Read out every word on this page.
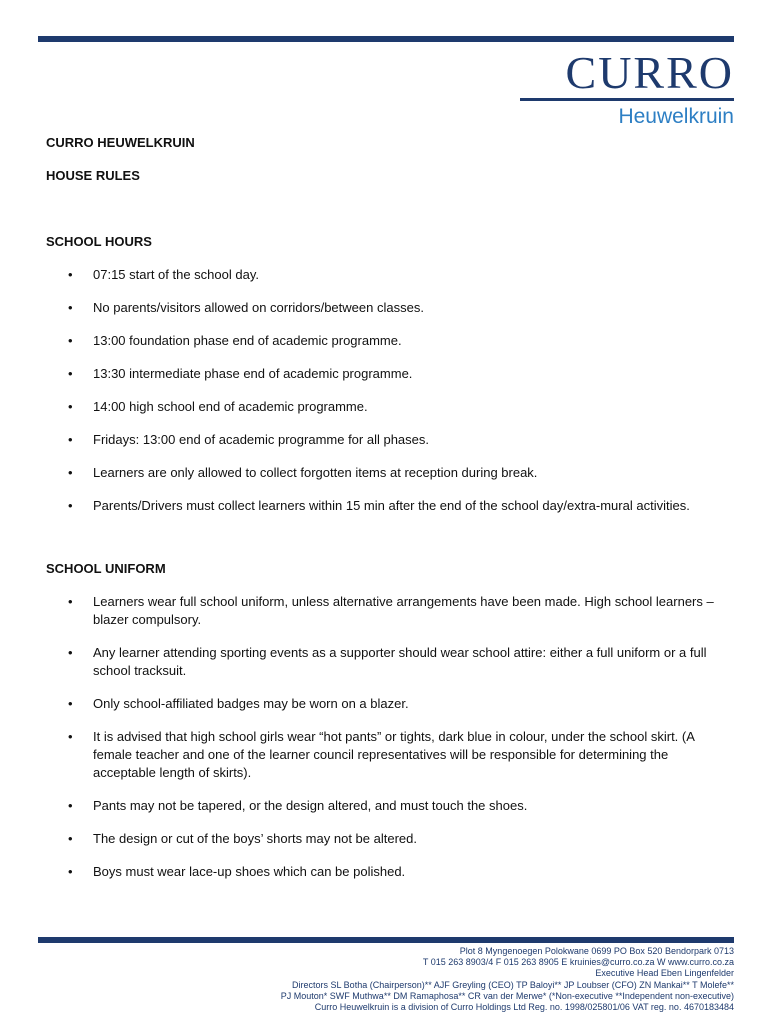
CURRO
Heuwelkruin

CURRO HEUWELKRUIN

HOUSE RULES

SCHOOL HOURS

• 07:15 start of the school day.
• No parents/visitors allowed on corridors/between classes.
• 13:00 foundation phase end of academic programme.
• 13:30 intermediate phase end of academic programme.
• 14:00 high school end of academic programme.
• Fridays: 13:00 end of academic programme for all phases.
• Learners are only allowed to collect forgotten items at reception during break.
• Parents/Drivers must collect learners within 15 min after the end of the school day/extra-mural activities.

SCHOOL UNIFORM

• Learners wear full school uniform, unless alternative arrangements have been made. High school learners – blazer compulsory.
• Any learner attending sporting events as a supporter should wear school attire: either a full uniform or a full school tracksuit.
• Only school-affiliated badges may be worn on a blazer.
• It is advised that high school girls wear “hot pants” or tights, dark blue in colour, under the school skirt. (A female teacher and one of the learner council representatives will be responsible for determining the acceptable length of skirts).
• Pants may not be tapered, or the design altered, and must touch the shoes.
• The design or cut of the boys’ shorts may not be altered.
• Boys must wear lace-up shoes which can be polished.
Plot 8 Myngenoegen Polokwane 0699 PO Box 520 Bendorpark 0713
T 015 263 8903/4 F 015 263 8905 E kruinies@curro.co.za W www.curro.co.za
Executive Head Eben Lingenfelder
Directors SL Botha (Chairperson)** AJF Greyling (CEO) TP Baloyi** JP Loubser (CFO) ZN Mankai** T Molefe**
PJ Mouton* SWF Muthwa** DM Ramaphosa** CR van der Merwe* (*Non-executive **Independent non-executive)
Curro Heuwelkruin is a division of Curro Holdings Ltd Reg. no. 1998/025801/06 VAT reg. no. 4670183484
